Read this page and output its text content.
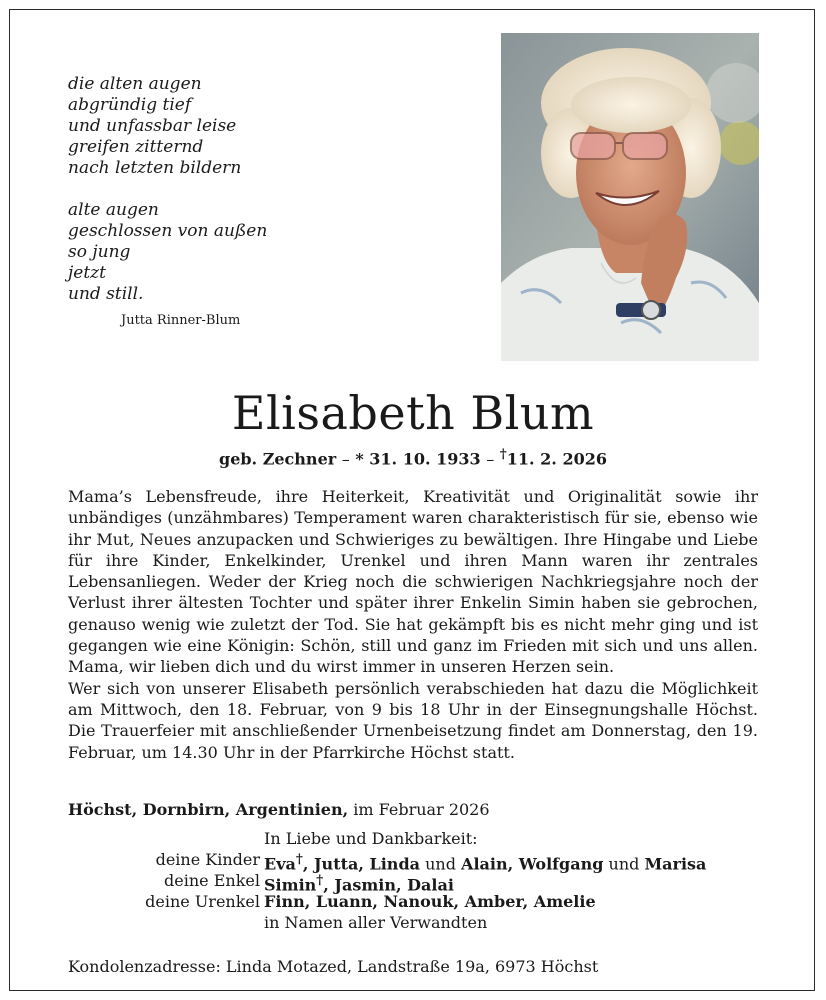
die alten augen
abgründig tief
und unfassbar leise
greifen zitternd
nach letzten bildern
alte augen
geschlossen von außen
so jung
jetzt
und still.
Jutta Rinner-Blum
Elisabeth Blum
geb. Zechner – * 31. 10. 1933 – †11. 2. 2026

Mama’s Lebensfreude, ihre Heiterkeit, Kreativität und Originalität sowie ihr unbändiges (unzähmbares) Temperament waren charakteristisch für sie, ebenso wie ihr Mut, Neues anzupacken und Schwieriges zu bewältigen. Ihre Hingabe und Liebe für ihre Kinder, Enkelkinder, Urenkel und ihren Mann waren ihr zentrales Lebensanliegen. Weder der Krieg noch die schwierigen Nachkriegsjahre noch der Verlust ihrer ältesten Tochter und später ihrer Enkelin Simin haben sie gebrochen, genauso wenig wie zuletzt der Tod. Sie hat gekämpft bis es nicht mehr ging und ist gegangen wie eine Königin: Schön, still und ganz im Frieden mit sich und uns allen. Mama, wir lieben dich und du wirst immer in unseren Herzen sein.

Wer sich von unserer Elisabeth persönlich verabschieden hat dazu die Möglichkeit am Mittwoch, den 18. Februar, von 9 bis 18 Uhr in der Einsegnungshalle Höchst. Die Trauerfeier mit anschließender Urnenbeisetzung findet am Donnerstag, den 19. Februar, um 14.30 Uhr in der Pfarrkirche Höchst statt.

Höchst, Dornbirn, Argentinien, im Februar 2026
In Liebe und Dankbarkeit:
deine Kinder Eva†, Jutta, Linda und Alain, Wolfgang und Marisa
deine Enkel Simin†, Jasmin, Dalai
deine Urenkel Finn, Luann, Nanouk, Amber, Amelie
in Namen aller Verwandten
Kondolenzadresse: Linda Motazed, Landstraße 19a, 6973 Höchst
